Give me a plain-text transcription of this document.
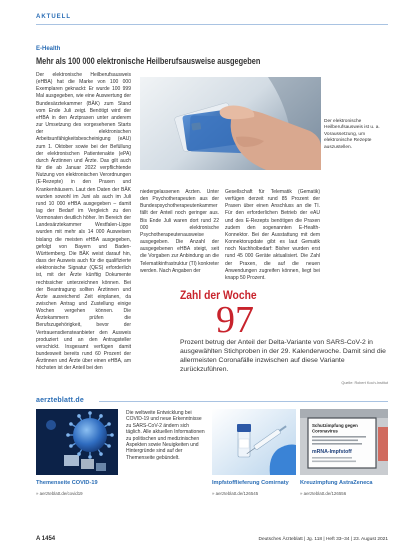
AKTUELL
E-Health
Mehr als 100 000 elektronische Heilberufsausweise ausgegeben

Der elektronische Heilberufsausweis (eHBA) hat die Marke von 100 000 Exemplaren geknackt: Er wurde 100 999 Mal ausgegeben, wie eine Auswertung der Bundesärztekammer (BÄK) zum Stand vom Ende Juli zeigt. Benötigt wird der eHBA in den Arztpraxen unter anderem zur Umsetzung des vorgesehenen Starts der elektronischen Arbeitsunfähigkeitsbescheinigung (eAU) zum 1. Oktober sowie bei der Befüllung der elektronischen Patientenakte (ePA) durch Ärztinnen und Ärzte. Das gilt auch für die ab Januar 2022 verpflichtende Nutzung von elektronischen Verordnungen (E-Rezepte) in den Praxen und Krankenhäusern. Laut den Daten der BÄK wurden sowohl im Juni als auch im Juli rund 10 000 eHBA ausgegeben – damit lag der Bedarf im Vergleich zu den Vormonaten deutlich höher. Im Bereich der Landesärztekammer Westfalen-Lippe wurden mit mehr als 14 000 Ausweisen bislang die meisten eHBA ausgegeben, gefolgt von Bayern und Baden-Württemberg. Die BÄK weist darauf hin, dass der Ausweis auch für die qualifizierte elektronische Signatur (QES) erforderlich ist, mit der Ärzte künftig Dokumente rechtssicher unterzeichnen können. Bei der Beantragung sollten Ärztinnen und Ärzte ausreichend Zeit einplanen, da zwischen Antrag und Zustellung einige Wochen vergehen können. Die Ärztekammern prüfen die Berufszugehörigkeit, bevor der Vertrauensdiensteanbieter den Ausweis produziert und an den Antragsteller verschickt. Insgesamt verfügen damit bundesweit bereits rund 60 Prozent der Ärztinnen und Ärzte über einen eHBA, am höchsten ist der Anteil bei den

Der elektronische Heilberufsausweis ist u. a. Voraussetzung, um elektronische Rezepte auszustellen.

niedergelassenen Ärzten. Unter den Psychotherapeuten aus der Bundespsychotherapeutenkammer fällt der Anteil noch geringer aus. Bis Ende Juli waren dort rund 22 000 elektronische Psychotherapeutenausweise ausgegeben. Die Anzahl der ausgegebenen eHBA steigt, seit die Vorgaben zur Anbindung an die Telematikinfrastruktur (TI) konkreter werden. Nach Angaben der

Gesellschaft für Telematik (Gematik) verfügen derzeit rund 85 Prozent der Praxen über einen Anschluss an die TI. Für den erforderlichen Betrieb der eAU und des E-Rezepts benötigen die Praxen zudem den sogenannten E-Health-Konnektor. Bei der Ausstattung mit dem Konnektorupdate gibt es laut Gematik noch Nachholbedarf: Bisher wurden erst rund 45 000 Geräte aktualisiert. Die Zahl der Praxen, die auf die neuen Anwendungen zugreifen können, liegt bei knapp 50 Prozent.

Zahl der Woche
97

Prozent betrug der Anteil der Delta-Variante von SARS-CoV-2 in ausgewählten Stichproben in der 29. Kalenderwoche. Damit sind die allermeisten Coronafälle inzwischen auf diese Variante zurückzuführen.

Quelle: Robert Koch-Institut
aerzteblatt.de

Die weltweite Entwicklung bei COVID-19 und neue Erkenntnisse zu SARS-CoV-2 ändern sich täglich. Alle aktuellen Informationen zu politischen und medizinischen Aspekten sowie Neuigkeiten und Hintergründe sind auf der Themenseite gebündelt.

Schutzimpfung gegen
Coronavirus
mRNA-Impfstoff
Themenseite COVID-19	Impfstofflieferung Comirnaty Kreuzimpfung AstraZeneca
» aerzteblatt.de/covid19	» aerzteblatt.de/126545	» aerzteblatt.de/126556
A 1454	Deutsches Ärzteblatt | Jg. 118 | Heft 33–34 | 23. August 2021
